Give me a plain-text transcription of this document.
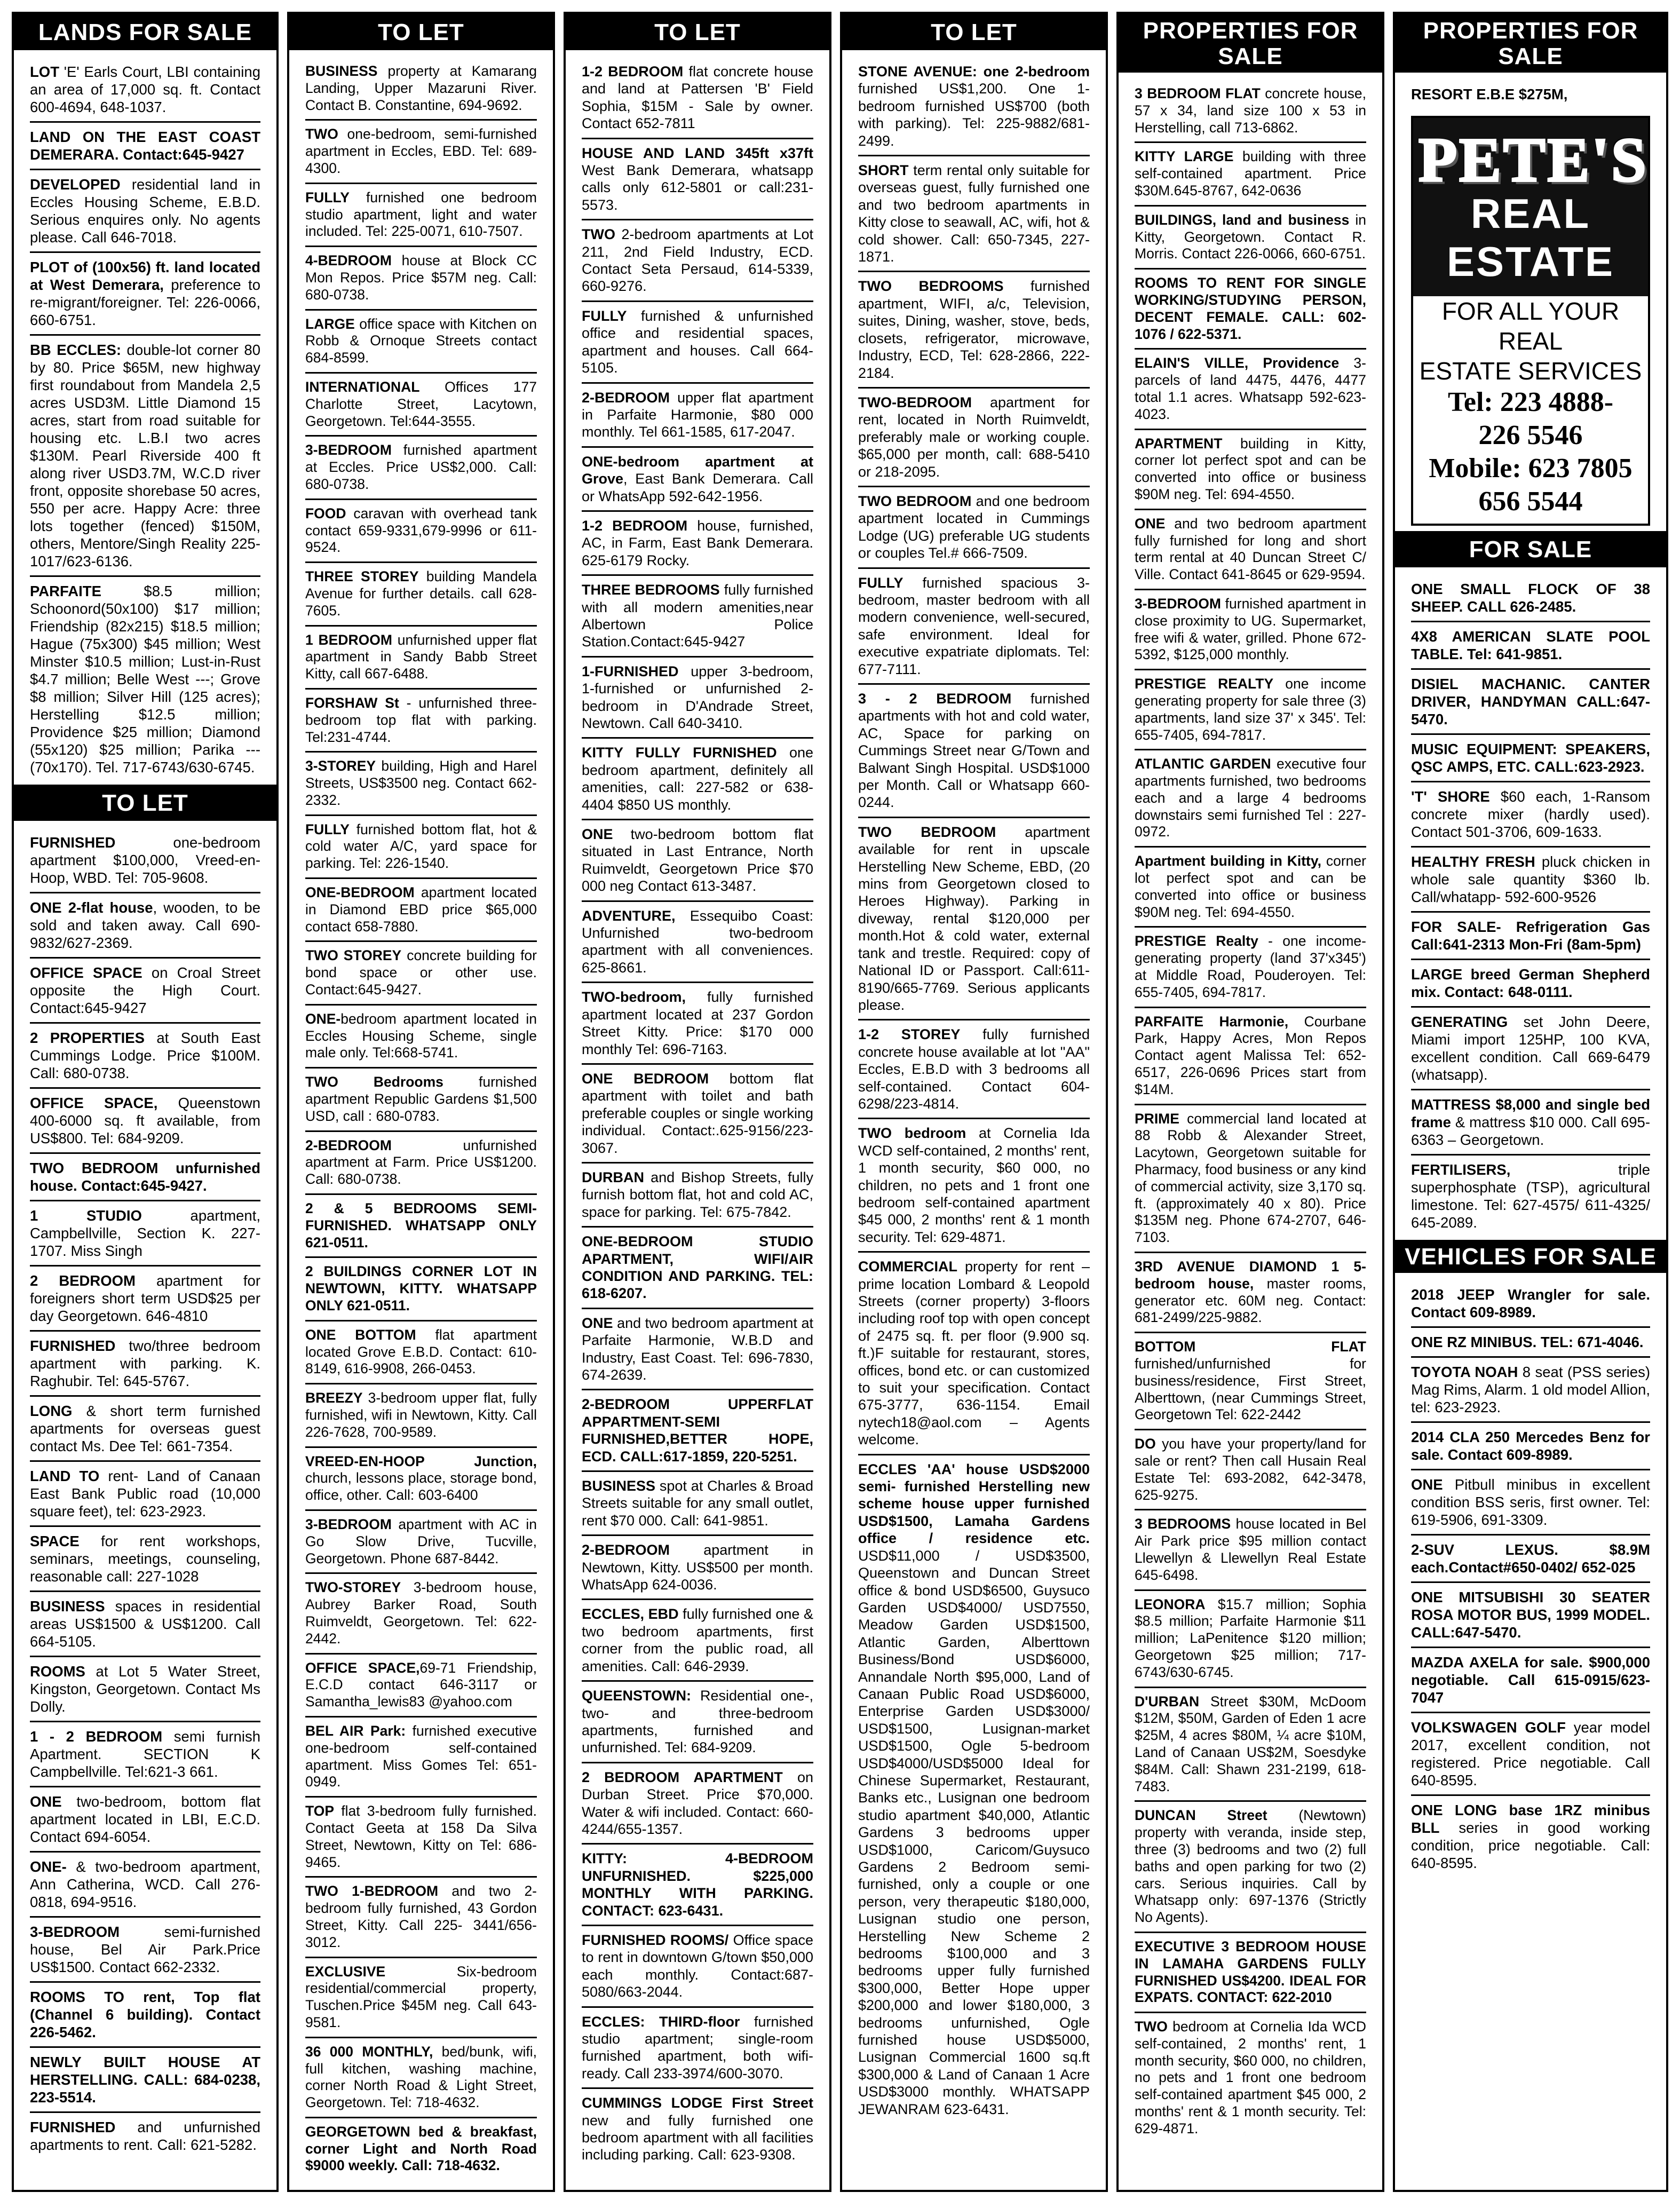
LANDS FOR SALE
LOT 'E' Earls Court, LBI containing an area of 17,000 sq. ft. Contact 600-4694, 648-1037.
LAND ON THE EAST COAST DEMERARA. Contact:645-9427
DEVELOPED residential land in Eccles Housing Scheme, E.B.D. Serious enquires only. No agents please. Call 646-7018.
PLOT of (100x56) ft. land located at West Demerara, preference to re-migrant/foreigner. Tel: 226-0066, 660-6751.
BB ECCLES: double-lot corner 80 by 80. Price $65M, new highway first roundabout from Mandela 2,5 acres USD3M. Little Diamond 15 acres, start from road suitable for housing etc. L.B.I two acres $130M. Pearl Riverside 400 ft along river USD3.7M, W.C.D river front, opposite shorebase 50 acres, 550 per acre. Happy Acre: three lots together (fenced) $150M, others, Mentore/Singh Reality 225-1017/623-6136.
PARFAITE $8.5 million; Schoonord(50x100) $17 million; Friendship (82x215) $18.5 million; Hague (75x300) $45 million; West Minster $10.5 million; Lust-in-Rust $4.7 million; Belle West ---; Grove $8 million; Silver Hill (125 acres); Herstelling $12.5 million; Providence $25 million; Diamond (55x120) $25 million; Parika --- (70x170). Tel. 717-6743/630-6745.
TO LET
FURNISHED one-bedroom apartment $100,000, Vreed-en-Hoop, WBD. Tel: 705-9608.
ONE 2-flat house, wooden, to be sold and taken away. Call 690-9832/627-2369.
OFFICE SPACE on Croal Street opposite the High Court. Contact:645-9427
2 PROPERTIES at South East Cummings Lodge. Price $100M. Call: 680-0738.
OFFICE SPACE, Queenstown 400-6000 sq. ft available, from US$800. Tel: 684-9209.
TWO BEDROOM unfurnished house. Contact:645-9427.
1 STUDIO apartment, Campbellville, Section K. 227-1707. Miss Singh
2 BEDROOM apartment for foreigners short term USD$25 per day Georgetown. 646-4810
FURNISHED two/three bedroom apartment with parking. K. Raghubir. Tel: 645-5767.
LONG & short term furnished apartments for overseas guest contact Ms. Dee Tel: 661-7354.
LAND TO rent- Land of Canaan East Bank Public road (10,000 square feet), tel: 623-2923.
SPACE for rent workshops, seminars, meetings, counseling, reasonable call: 227-1028
BUSINESS spaces in residential areas US$1500 & US$1200. Call 664-5105.
ROOMS at Lot 5 Water Street, Kingston, Georgetown. Contact Ms Dolly.
1 - 2 BEDROOM semi furnish Apartment. SECTION K Campbellville. Tel:621-3 661.
ONE two-bedroom, bottom flat apartment located in LBI, E.C.D. Contact 694-6054.
ONE- & two-bedroom apartment, Ann Catherina, WCD. Call 276-0818, 694-9516.
3-BEDROOM semi-furnished house, Bel Air Park.Price US$1500. Contact 662-2332.
ROOMS TO rent, Top flat (Channel 6 building). Contact 226-5462.
NEWLY BUILT HOUSE AT HERSTELLING. CALL: 684-0238, 223-5514.
FURNISHED and unfurnished apartments to rent. Call: 621-5282.
TO LET
BUSINESS property at Kamarang Landing, Upper Mazaruni River. Contact B. Constantine, 694-9692.
TWO one-bedroom, semi-furnished apartment in Eccles, EBD. Tel: 689-4300.
FULLY furnished one bedroom studio apartment, light and water included. Tel: 225-0071, 610-7507.
4-BEDROOM house at Block CC Mon Repos. Price $57M neg. Call: 680-0738.
LARGE office space with Kitchen on Robb & Ornoque Streets contact 684-8599.
INTERNATIONAL Offices 177 Charlotte Street, Lacytown, Georgetown. Tel:644-3555.
3-BEDROOM furnished apartment at Eccles. Price US$2,000. Call: 680-0738.
FOOD caravan with overhead tank contact 659-9331,679-9996 or 611-9524.
THREE STOREY building Mandela Avenue for further details. call 628-7605.
1 BEDROOM unfurnished upper flat apartment in Sandy Babb Street Kitty, call 667-6488.
FORSHAW St - unfurnished three-bedroom top flat with parking. Tel:231-4744.
3-STOREY building, High and Harel Streets, US$3500 neg. Contact 662-2332.
FULLY furnished bottom flat, hot & cold water A/C, yard space for parking. Tel: 226-1540.
ONE-BEDROOM apartment located in Diamond EBD price $65,000 contact 658-7880.
TWO STOREY concrete building for bond space or other use. Contact:645-9427.
ONE-bedroom apartment located in Eccles Housing Scheme, single male only. Tel:668-5741.
TWO Bedrooms furnished apartment Republic Gardens $1,500 USD, call : 680-0783.
2-BEDROOM unfurnished apartment at Farm. Price US$1200. Call: 680-0738.
2 & 5 BEDROOMS SEMI-FURNISHED. WHATSAPP ONLY 621-0511.
2 BUILDINGS CORNER LOT IN NEWTOWN, KITTY. WHATSAPP ONLY 621-0511.
ONE BOTTOM flat apartment located Grove E.B.D. Contact: 610-8149, 616-9908, 266-0453.
BREEZY 3-bedroom upper flat, fully furnished, wifi in Newtown, Kitty. Call 226-7628, 700-9589.
VREED-EN-HOOP Junction, church, lessons place, storage bond, office, other. Call: 603-6400
3-BEDROOM apartment with AC in Go Slow Drive, Tucville, Georgetown. Phone 687-8442.
TWO-STOREY 3-bedroom house, Aubrey Barker Road, South Ruimveldt, Georgetown. Tel: 622-2442.
OFFICE SPACE,69-71 Friendship, E.C.D contact 646-3117 or Samantha_lewis83 @yahoo.com
BEL AIR Park: furnished executive one-bedroom self-contained apartment. Miss Gomes Tel: 651-0949.
TOP flat 3-bedroom fully furnished. Contact Geeta at 158 Da Silva Street, Newtown, Kitty on Tel: 686-9465.
TWO 1-BEDROOM and two 2-bedroom fully furnished, 43 Gordon Street, Kitty. Call 225- 3441/656-3012.
EXCLUSIVE Six-bedroom residential/commercial property, Tuschen.Price $45M neg. Call 643-9581.
36 000 MONTHLY, bed/bunk, wifi, full kitchen, washing machine, corner North Road & Light Street, Georgetown. Tel: 718-4632.
GEORGETOWN bed & breakfast, corner Light and North Road $9000 weekly. Call: 718-4632.
TO LET
1-2 BEDROOM flat concrete house and land at Pattersen 'B' Field Sophia, $15M - Sale by owner. Contact 652-7811
HOUSE AND LAND 345ft x37ft West Bank Demerara, whatsapp calls only 612-5801 or call:231-5573.
TWO 2-bedroom apartments at Lot 211, 2nd Field Industry, ECD. Contact Seta Persaud, 614-5339, 660-9276.
FULLY furnished & unfurnished office and residential spaces, apartment and houses. Call 664-5105.
2-BEDROOM upper flat apartment in Parfaite Harmonie, $80 000 monthly. Tel 661-1585, 617-2047.
ONE-bedroom apartment at Grove, East Bank Demerara. Call or WhatsApp 592-642-1956.
1-2 BEDROOM house, furnished, AC, in Farm, East Bank Demerara. 625-6179 Rocky.
THREE BEDROOMS fully furnished with all modern amenities,near Albertown Police Station.Contact:645-9427
1-FURNISHED upper 3-bedroom, 1-furnished or unfurnished 2-bedroom in D'Andrade Street, Newtown. Call 640-3410.
KITTY FULLY FURNISHED one bedroom apartment, definitely all amenities, call: 227-582 or 638-4404 $850 US monthly.
ONE two-bedroom bottom flat situated in Last Entrance, North Ruimveldt, Georgetown Price $70 000 neg Contact 613-3487.
ADVENTURE, Essequibo Coast: Unfurnished two-bedroom apartment with all conveniences. 625-8661.
TWO-bedroom, fully furnished apartment located at 237 Gordon Street Kitty. Price: $170 000 monthly Tel: 696-7163.
ONE BEDROOM bottom flat apartment with toilet and bath preferable couples or single working individual. Contact:.625-9156/223-3067.
DURBAN and Bishop Streets, fully furnish bottom flat, hot and cold AC, space for parking. Tel: 675-7842.
ONE-BEDROOM STUDIO APARTMENT, WIFI/AIR CONDITION AND PARKING. TEL: 618-6207.
ONE and two bedroom apartment at Parfaite Harmonie, W.B.D and Industry, East Coast. Tel: 696-7830, 674-2639.
2-BEDROOM UPPERFLAT APPARTMENT-SEMI FURNISHED,BETTER HOPE, ECD. CALL:617-1859, 220-5251.
BUSINESS spot at Charles & Broad Streets suitable for any small outlet, rent $70 000. Call: 641-9851.
2-BEDROOM apartment in Newtown, Kitty. US$500 per month. WhatsApp 624-0036.
ECCLES, EBD fully furnished one & two bedroom apartments, first corner from the public road, all amenities. Call: 646-2939.
QUEENSTOWN: Residential one-, two- and three-bedroom apartments, furnished and unfurnished. Tel: 684-9209.
2 BEDROOM APARTMENT on Durban Street. Price $70,000. Water & wifi included. Contact: 660-4244/655-1357.
KITTY: 4-BEDROOM UNFURNISHED. $225,000 MONTHLY WITH PARKING. CONTACT: 623-6431.
FURNISHED ROOMS/ Office space to rent in downtown G/town $50,000 each monthly. Contact:687-5080/663-2044.
ECCLES: THIRD-floor furnished studio apartment; single-room furnished apartment, both wifi-ready. Call 233-3974/600-3070.
CUMMINGS LODGE First Street new and fully furnished one bedroom apartment with all facilities including parking. Call: 623-9308.
TO LET
STONE AVENUE: one 2-bedroom furnished US$1,200. One 1-bedroom furnished US$700 (both with parking). Tel: 225-9882/681-2499.
SHORT term rental only suitable for overseas guest, fully furnished one and two bedroom apartments in Kitty close to seawall, AC, wifi, hot & cold shower. Call: 650-7345, 227-1871.
TWO BEDROOMS furnished apartment, WIFI, a/c, Television, suites, Dining, washer, stove, beds, closets, refrigerator, microwave, Industry, ECD, Tel: 628-2866, 222-2184.
TWO-BEDROOM apartment for rent, located in North Ruimveldt, preferably male or working couple. $65,000 per month, call: 688-5410 or 218-2095.
TWO BEDROOM and one bedroom apartment located in Cummings Lodge (UG) preferable UG students or couples Tel.# 666-7509.
FULLY furnished spacious 3-bedroom, master bedroom with all modern convenience, well-secured, safe environment. Ideal for executive expatriate diplomats. Tel: 677-7111.
3 - 2 BEDROOM furnished apartments with hot and cold water, AC, Space for parking on Cummings Street near G/Town and Balwant Singh Hospital. USD$1000 per Month. Call or Whatsapp 660-0244.
TWO BEDROOM apartment available for rent in upscale Herstelling New Scheme, EBD, (20 mins from Georgetown closed to Heroes Highway). Parking in diveway, rental $120,000 per month.Hot & cold water, external tank and trestle. Required: copy of National ID or Passport. Call:611-8190/665-7769. Serious applicants please.
1-2 STOREY fully furnished concrete house available at lot "AA" Eccles, E.B.D with 3 bedrooms all self-contained. Contact 604-6298/223-4814.
TWO bedroom at Cornelia Ida WCD self-contained, 2 months' rent, 1 month security, $60 000, no children, no pets and 1 front one bedroom self-contained apartment $45 000, 2 months' rent & 1 month security. Tel: 629-4871.
COMMERCIAL property for rent – prime location Lombard & Leopold Streets (corner property) 3-floors including roof top with open concept of 2475 sq. ft. per floor (9.900 sq. ft.)F suitable for restaurant, stores, offices, bond etc. or can customized to suit your specification. Contact 675-3777, 636-1154. Email nytech18@aol.com – Agents welcome.
ECCLES 'AA' house USD$2000 semi- furnished Herstelling new scheme house upper furnished USD$1500, Lamaha Gardens office / residence etc. USD$11,000 / USD$3500, Queenstown and Duncan Street office & bond USD$6500, Guysuco Garden USD$4000/ USD7550, Meadow Garden USD$1500, Atlantic Garden, Alberttown Business/Bond USD$6000, Annandale North $95,000, Land of Canaan Public Road USD$6000, Enterprise Garden USD$3000/ USD$1500, Lusignan-market USD$1500, Ogle 5-bedroom USD$4000/USD$5000 Ideal for Chinese Supermarket, Restaurant, Banks etc., Lusignan one bedroom studio apartment $40,000, Atlantic Gardens 3 bedrooms upper USD$1000, Caricom/Guysuco Gardens 2 Bedroom semi-furnished, only a couple or one person, very therapeutic $180,000, Lusignan studio one person, Herstelling New Scheme 2 bedrooms $100,000 and 3 bedrooms upper fully furnished $300,000, Better Hope upper $200,000 and lower $180,000, 3 bedrooms unfurnished, Ogle furnished house USD$5000, Lusignan Commercial 1600 sq.ft $300,000 & Land of Canaan 1 Acre USD$3000 monthly. WHATSAPP JEWANRAM 623-6431.
PROPERTIES FOR SALE
3 BEDROOM FLAT concrete house, 57 x 34, land size 100 x 53 in Herstelling, call 713-6862.
KITTY LARGE building with three self-contained apartment. Price $30M.645-8767, 642-0636
BUILDINGS, land and business in Kitty, Georgetown. Contact R. Morris. Contact 226-0066, 660-6751.
ROOMS TO RENT FOR SINGLE WORKING/STUDYING PERSON, DECENT FEMALE. CALL: 602-1076 / 622-5371.
ELAIN'S VILLE, Providence 3-parcels of land 4475, 4476, 4477 total 1.1 acres. Whatsapp 592-623-4023.
APARTMENT building in Kitty, corner lot perfect spot and can be converted into office or business $90M neg. Tel: 694-4550.
ONE and two bedroom apartment fully furnished for long and short term rental at 40 Duncan Street C/ Ville. Contact 641-8645 or 629-9594.
3-BEDROOM furnished apartment in close proximity to UG. Supermarket, free wifi & water, grilled. Phone 672-5392, $125,000 monthly.
PRESTIGE REALTY one income generating property for sale three (3) apartments, land size 37' x 345'. Tel: 655-7405, 694-7817.
ATLANTIC GARDEN executive four apartments furnished, two bedrooms each and a large 4 bedrooms downstairs semi furnished Tel : 227-0972.
Apartment building in Kitty, corner lot perfect spot and can be converted into office or business $90M neg. Tel: 694-4550.
PRESTIGE Realty - one income-generating property (land 37'x345') at Middle Road, Pouderoyen. Tel: 655-7405, 694-7817.
PARFAITE Harmonie, Courbane Park, Happy Acres, Mon Repos Contact agent Malissa Tel: 652-6517, 226-0696 Prices start from $14M.
PRIME commercial land located at 88 Robb & Alexander Street, Lacytown, Georgetown suitable for Pharmacy, food business or any kind of commercial activity, size 3,170 sq. ft. (approximately 40 x 80). Price $135M neg. Phone 674-2707, 646-7103.
3RD AVENUE DIAMOND 1 5-bedroom house, master rooms, generator etc. 60M neg. Contact: 681-2499/225-9882.
BOTTOM FLAT furnished/unfurnished for business/residence, First Street, Alberttown, (near Cummings Street, Georgetown Tel: 622-2442
DO you have your property/land for sale or rent? Then call Husain Real Estate Tel: 693-2082, 642-3478, 625-9275.
3 BEDROOMS house located in Bel Air Park price $95 million contact Llewellyn & Llewellyn Real Estate 645-6498.
LEONORA $15.7 million; Sophia $8.5 million; Parfaite Harmonie $11 million; LaPenitence $120 million; Georgetown $25 million; 717-6743/630-6745.
D'URBAN Street $30M, McDoom $12M, $50M, Garden of Eden 1 acre $25M, 4 acres $80M, ¼ acre $10M, Land of Canaan US$2M, Soesdyke $84M. Call: Shawn 231-2199, 618-7483.
DUNCAN Street (Newtown) property with veranda, inside step, three (3) bedrooms and two (2) full baths and open parking for two (2) cars. Serious inquiries. Call by Whatsapp only: 697-1376 (Strictly No Agents).
EXECUTIVE 3 BEDROOM HOUSE IN LAMAHA GARDENS FULLY FURNISHED US$4200. IDEAL FOR EXPATS. CONTACT: 622-2010
TWO bedroom at Cornelia Ida WCD self-contained, 2 months' rent, 1 month security, $60 000, no children, no pets and 1 front one bedroom self-contained apartment $45 000, 2 months' rent & 1 month security. Tel: 629-4871.
PROPERTIES FOR SALE
RESORT E.B.E $275M,
PETE'S
REAL ESTATE
FOR ALL YOUR REAL
ESTATE SERVICES
Tel: 223 4888-
226 5546
Mobile: 623 7805
656 5544
FOR SALE
ONE SMALL FLOCK OF 38 SHEEP. CALL 626-2485.
4X8 AMERICAN SLATE POOL TABLE. Tel: 641-9851.
DISIEL MACHANIC. CANTER DRIVER, HANDYMAN CALL:647-5470.
MUSIC EQUIPMENT: SPEAKERS, QSC AMPS, ETC. CALL:623-2923.
'T' SHORE $60 each, 1-Ransom concrete mixer (hardly used). Contact 501-3706, 609-1633.
HEALTHY FRESH pluck chicken in whole sale quantity $360 lb. Call/whatapp- 592-600-9526
FOR SALE- Refrigeration Gas Call:641-2313 Mon-Fri (8am-5pm)
LARGE breed German Shepherd mix. Contact: 648-0111.
GENERATING set John Deere, Miami import 125HP, 100 KVA, excellent condition. Call 669-6479 (whatsapp).
MATTRESS $8,000 and single bed frame & mattress $10 000. Call 695-6363 – Georgetown.
FERTILISERS, triple superphosphate (TSP), agricultural limestone. Tel: 627-4575/ 611-4325/ 645-2089.
VEHICLES FOR SALE
2018 JEEP Wrangler for sale. Contact 609-8989.
ONE RZ MINIBUS. TEL: 671-4046.
TOYOTA NOAH 8 seat (PSS series) Mag Rims, Alarm. 1 old model Allion, tel: 623-2923.
2014 CLA 250 Mercedes Benz for sale. Contact 609-8989.
ONE Pitbull minibus in excellent condition BSS seris, first owner. Tel: 619-5906, 691-3309.
2-SUV LEXUS. $8.9M each.Contact#650-0402/ 652-025
ONE MITSUBISHI 30 SEATER ROSA MOTOR BUS, 1999 MODEL. CALL:647-5470.
MAZDA AXELA for sale. $900,000 negotiable. Call 615-0915/623-7047
VOLKSWAGEN GOLF year model 2017, excellent condition, not registered. Price negotiable. Call 640-8595.
ONE LONG base 1RZ minibus BLL series in good working condition, price negotiable. Call: 640-8595.
